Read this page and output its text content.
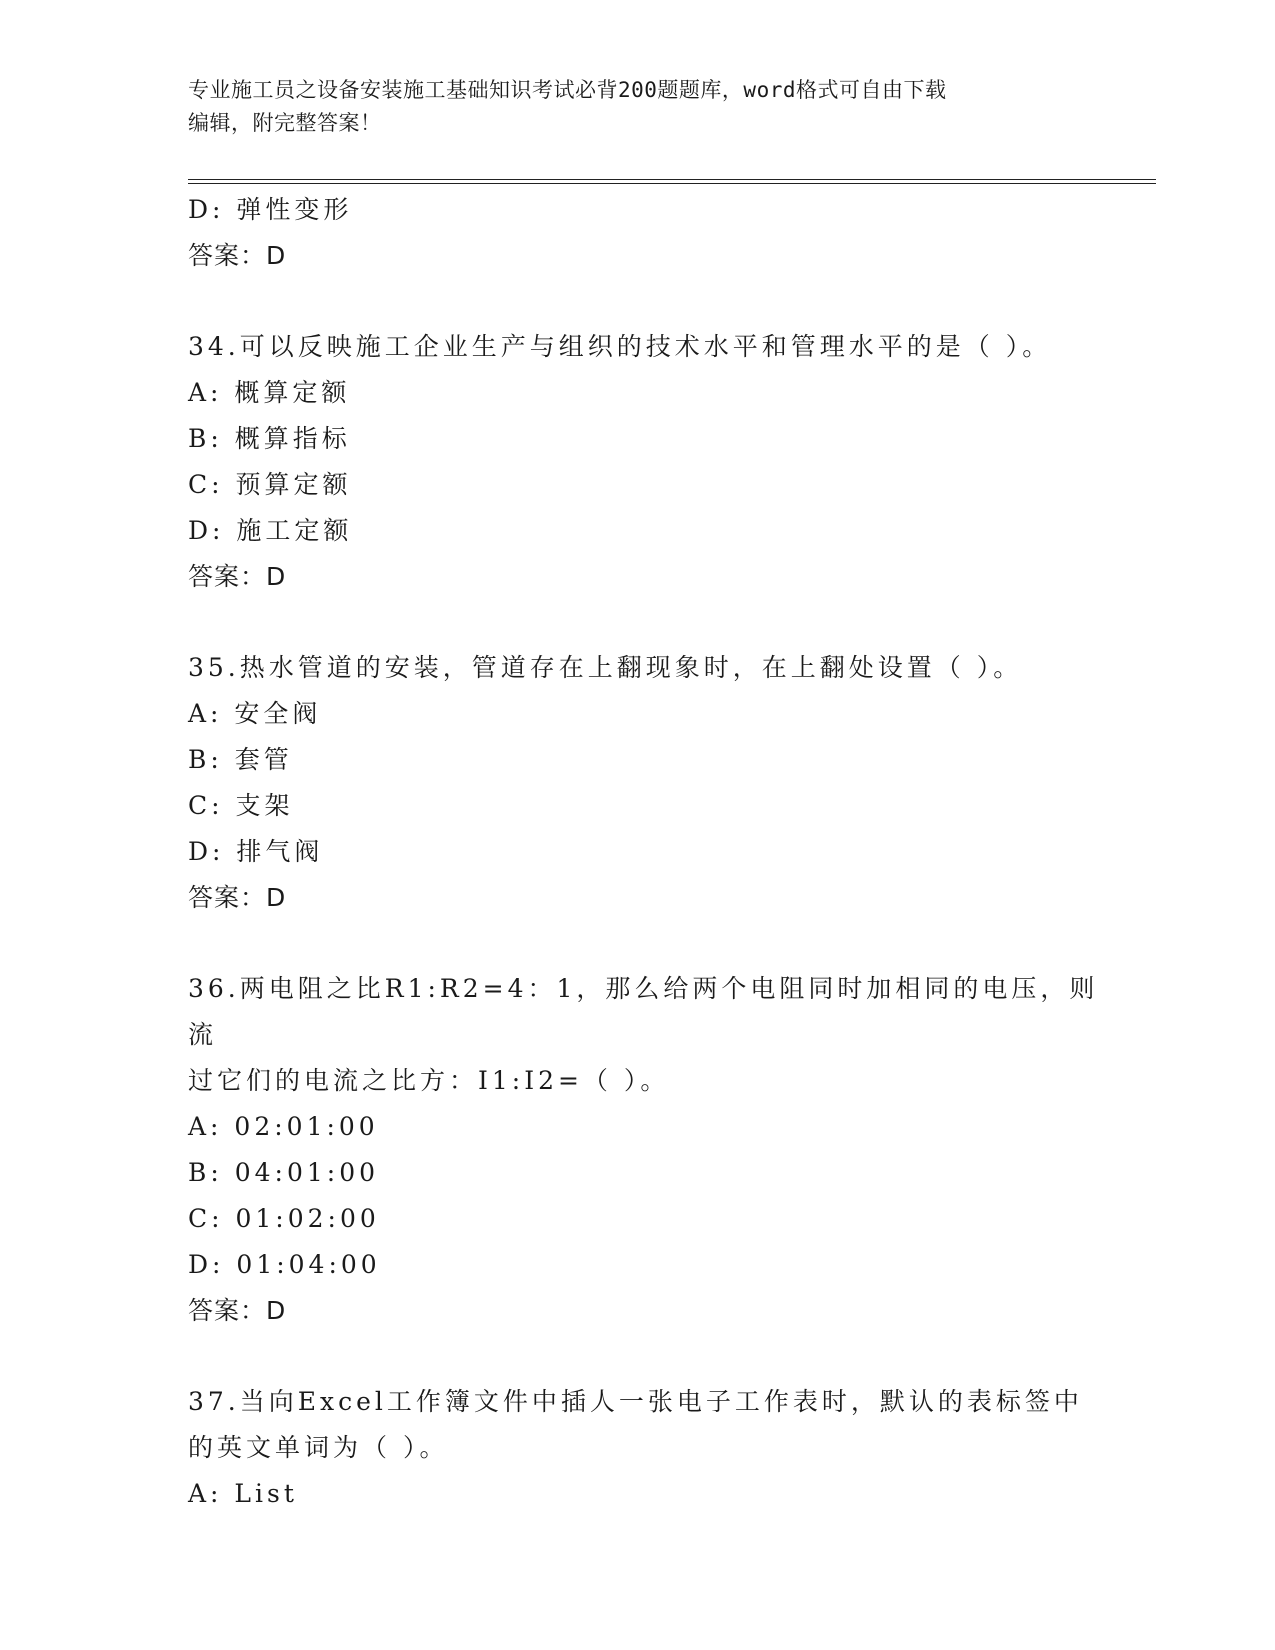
专业施工员之设备安装施工基础知识考试必背200题题库，word格式可自由下载
编辑，附完整答案！
D: 弹性变形
答案：D
34.可以反映施工企业生产与组织的技术水平和管理水平的是（ ）。
A: 概算定额
B: 概算指标
C: 预算定额
D: 施工定额
答案：D
35.热水管道的安装，管道存在上翻现象时，在上翻处设置（ ）。
A: 安全阀
B: 套管
C: 支架
D: 排气阀
答案：D
36.两电阻之比R1:R2=4：1，那么给两个电阻同时加相同的电压，则流
过它们的电流之比方：I1:I2=（ ）。
A: 02:01:00
B: 04:01:00
C: 01:02:00
D: 01:04:00
答案：D
37.当向Excel工作簿文件中插人一张电子工作表时，默认的表标签中
的英文单词为（ ）。
A: List
